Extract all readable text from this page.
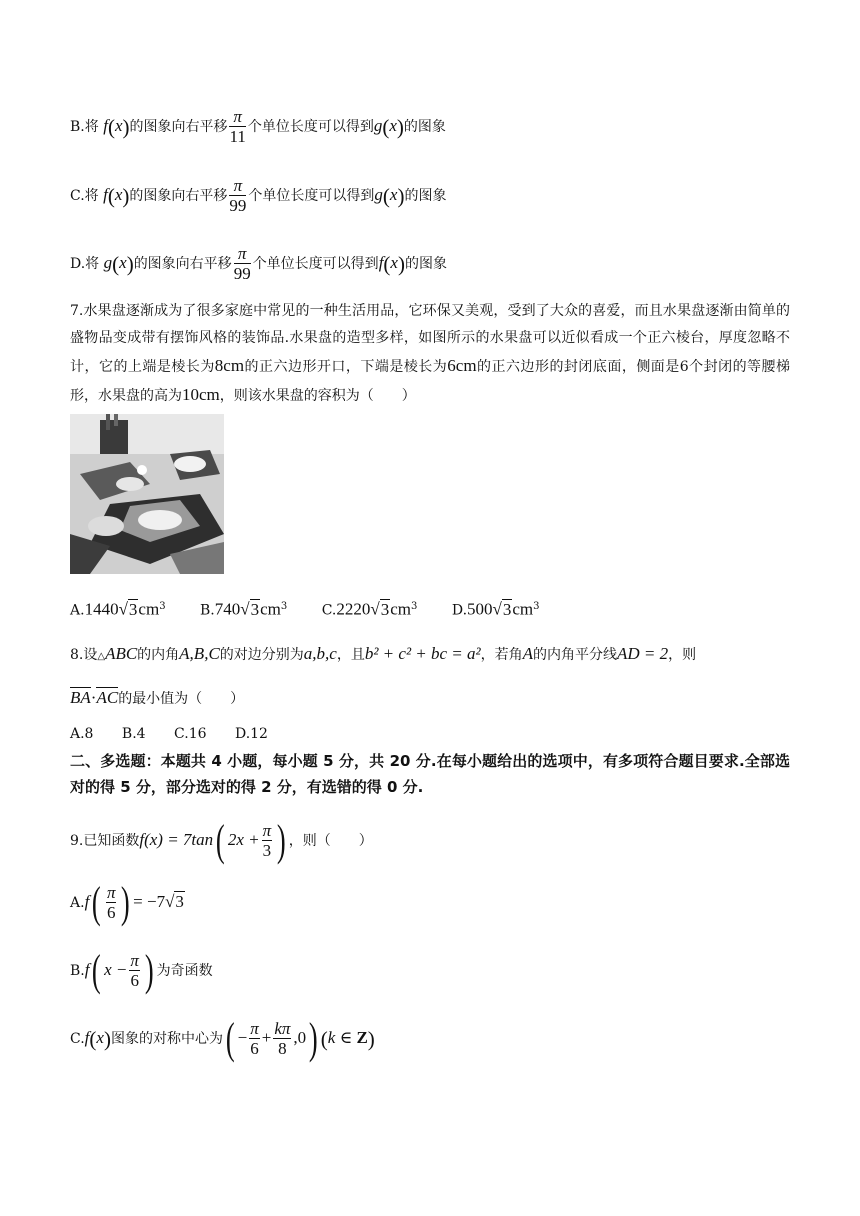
B.将 f(x)的图象向右平移 $\frac{\pi}{11}$ 个单位长度可以得到g(x)的图象
C.将 f(x)的图象向右平移 $\frac{\pi}{99}$ 个单位长度可以得到g(x)的图象
D.将 g(x)的图象向右平移 $\frac{\pi}{99}$ 个单位长度可以得到f(x)的图象
7.水果盘逐渐成为了很多家庭中常见的一种生活用品，它环保又美观，受到了大众的喜爱，而且水果盘逐渐由简单的盛物品变成带有摆饰风格的装饰品.水果盘的造型多样，如图所示的水果盘可以近似看成一个正六棱台，厚度忽略不计，它的上端是棱长为8cm的正六边形开口，下端是棱长为6cm的正六边形的封闭底面，侧面是6个封闭的等腰梯形，水果盘的高为10cm，则该水果盘的容积为（　　）
$A.1440√3cm^3$ $B.740√3cm^3$ $C.2220√3cm^3$ $D.500√3cm^3$
8.设△ABC的内角A,B,C的对边分别为a,b,c，且b² + c² + bc = a²，若角A的内角平分线AD = 2，则
BA·AC的最小值为（　　）
A.8 B.4 C.16 D.12
二、多选题：本题共 4 小题，每小题 5 分，共 20 分.在每小题给出的选项中，有多项符合题目要求.全部选对的得 5 分，部分选对的得 2 分，有选错的得 0 分.
9.已知函数f(x) = 7tan( $2x + \frac{\pi}{3}$ ) ，则（　　）
$A.f( \frac{\pi}{6}$ ) = −7√3
B.f( $x - \frac{\pi}{6}$ ) 为奇函数
C.f(x)图象的对称中心为( − $\frac{\pi}{6} + \frac{k\pi}{8} ,0$) (k ∈ Z)
